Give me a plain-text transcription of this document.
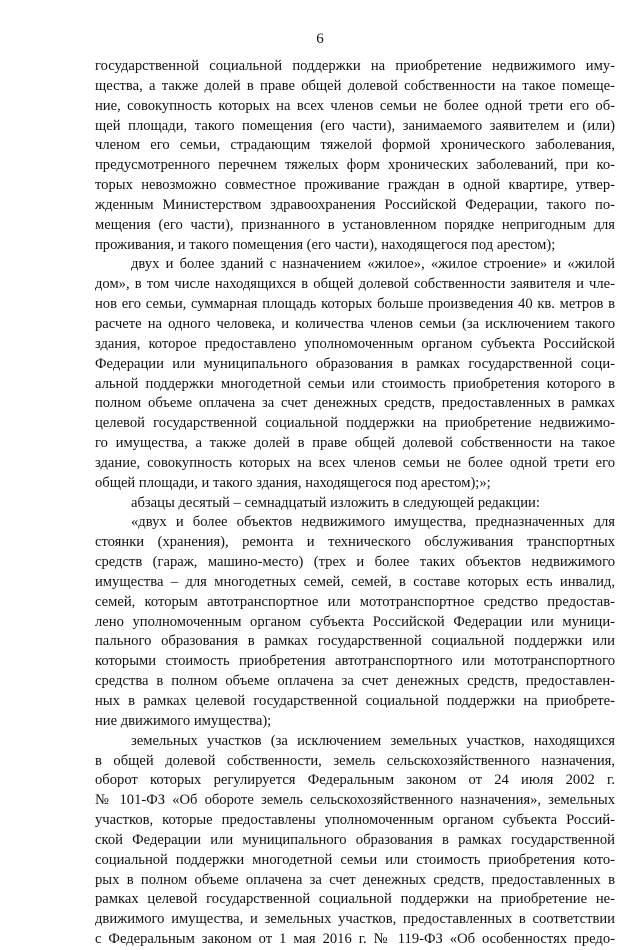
6
государственной социальной поддержки на приобретение недвижимого иму-
щества, а также долей в праве общей долевой собственности на такое помеще-
ние, совокупность которых на всех членов семьи не более одной трети его об-
щей площади, такого помещения (его части), занимаемого заявителем и (или)
членом его семьи, страдающим тяжелой формой хронического заболевания,
предусмотренного перечнем тяжелых форм хронических заболеваний, при ко-
торых невозможно совместное проживание граждан в одной квартире, утвер-
жденным Министерством здравоохранения Российской Федерации, такого по-
мещения (его части), признанного в установленном порядке непригодным для
проживания, и такого помещения (его части), находящегося под арестом);
двух и более зданий с назначением «жилое», «жилое строение» и «жилой
дом», в том числе находящихся в общей долевой собственности заявителя и чле-
нов его семьи, суммарная площадь которых больше произведения 40 кв. метров в
расчете на одного человека, и количества членов семьи (за исключением такого
здания, которое предоставлено уполномоченным органом субъекта Российской
Федерации или муниципального образования в рамках государственной соци-
альной поддержки многодетной семьи или стоимость приобретения которого в
полном объеме оплачена за счет денежных средств, предоставленных в рамках
целевой государственной социальной поддержки на приобретение недвижимо-
го имущества, а также долей в праве общей долевой собственности на такое
здание, совокупность которых на всех членов семьи не более одной трети его
общей площади, и такого здания, находящегося под арестом);»;
абзацы десятый – семнадцатый изложить в следующей редакции:
«двух и более объектов недвижимого имущества, предназначенных для
стоянки (хранения), ремонта и технического обслуживания транспортных
средств (гараж, машино-место) (трех и более таких объектов недвижимого
имущества – для многодетных семей, семей, в составе которых есть инвалид,
семей, которым автотранспортное или мототранспортное средство предостав-
лено уполномоченным органом субъекта Российской Федерации или муници-
пального образования в рамках государственной социальной поддержки или
которыми стоимость приобретения автотранспортного или мототранспортного
средства в полном объеме оплачена за счет денежных средств, предоставлен-
ных в рамках целевой государственной социальной поддержки на приобрете-
ние движимого имущества);
земельных участков (за исключением земельных участков, находящихся
в общей долевой собственности, земель сельскохозяйственного назначения,
оборот которых регулируется Федеральным законом от 24 июля 2002 г.
№ 101-ФЗ «Об обороте земель сельскохозяйственного назначения», земельных
участков, которые предоставлены уполномоченным органом субъекта Россий-
ской Федерации или муниципального образования в рамках государственной
социальной поддержки многодетной семьи или стоимость приобретения кото-
рых в полном объеме оплачена за счет денежных средств, предоставленных в
рамках целевой государственной социальной поддержки на приобретение не-
движимого имущества, и земельных участков, предоставленных в соответствии
с Федеральным законом от 1 мая 2016 г. № 119-ФЗ «Об особенностях предо-
